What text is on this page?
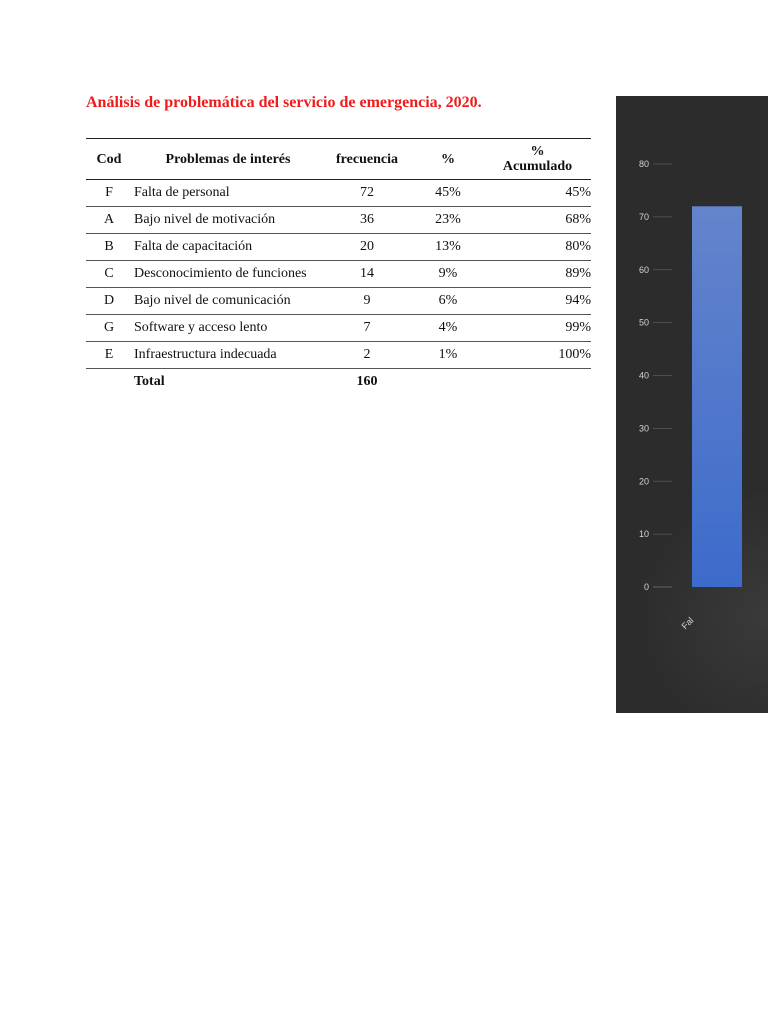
Análisis de problemática del servicio de emergencia, 2020.
Cod	Problemas de interés	frecuencia	%	%
Acumulado
F	Falta de personal	72	45%	45%
A	Bajo nivel de motivación	36	23%	68%
B	Falta de capacitación	20	13%	80%
C	Desconocimiento de funciones	14	9%	89%
D	Bajo nivel de comunicación	9	6%	94%
G	Software y acceso lento	7	4%	99%
E	Infraestructura indecuada	2	1%	100%
	Total	160		
0
10
20
30
40
50
60
70
80
Fal
